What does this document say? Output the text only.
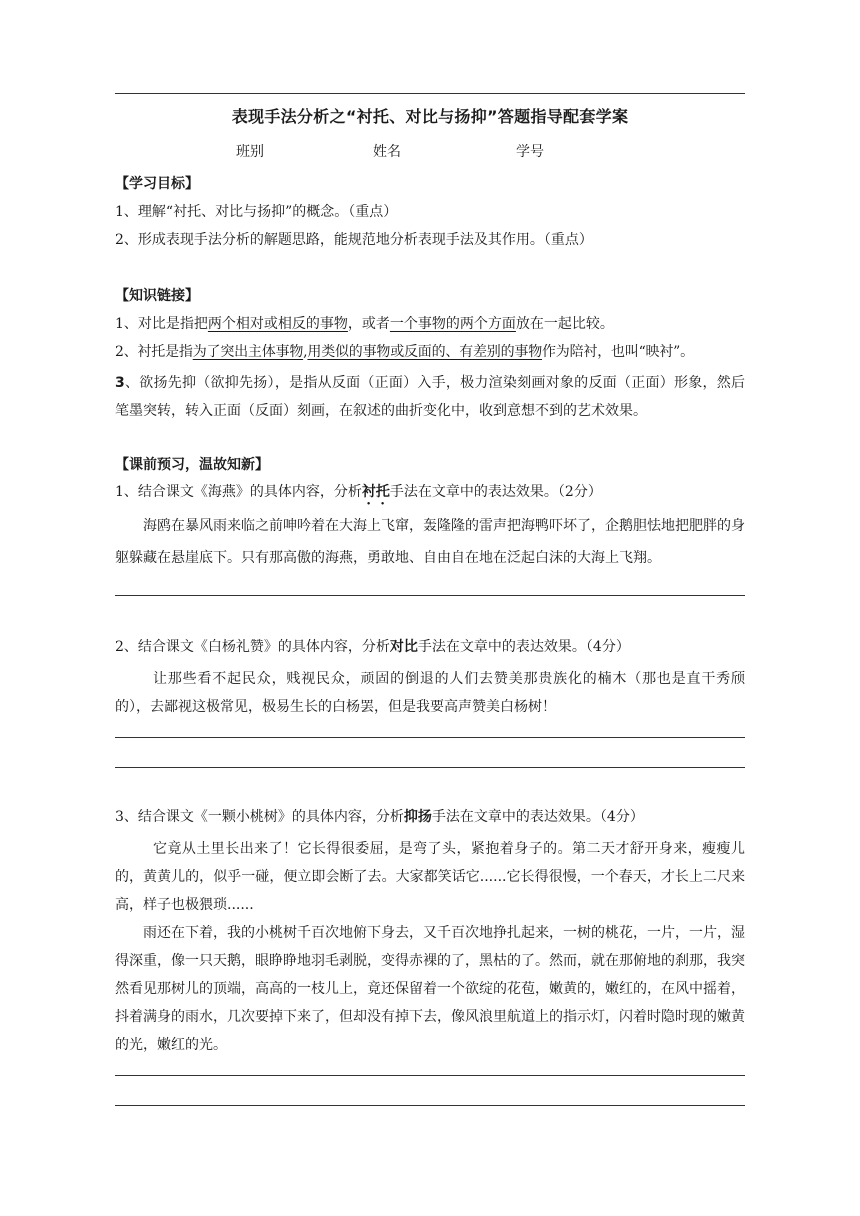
表现手法分析之“衬托、对比与扬抑”答题指导配套学案
班别	姓名	学号
【学习目标】
1、理解“衬托、对比与扬抑”的概念。（重点）
2、形成表现手法分析的解题思路，能规范地分析表现手法及其作用。（重点）
【知识链接】
1、对比是指把两个相对或相反的事物，或者一个事物的两个方面放在一起比较。
2、衬托是指为了突出主体事物,用类似的事物或反面的、有差别的事物作为陪衬，也叫“映衬”。
3、欲扬先抑（欲抑先扬），是指从反面（正面）入手，极力渲染刻画对象的反面（正面）形象，然后笔墨突转，转入正面（反面）刻画，在叙述的曲折变化中，收到意想不到的艺术效果。
【课前预习，温故知新】
1、结合课文《海燕》的具体内容，分析衬托手法在文章中的表达效果。（2分）
海鸥在暴风雨来临之前呻吟着在大海上飞窜，轰隆隆的雷声把海鸭吓坏了，企鹅胆怯地把肥胖的身躯躲藏在悬崖底下。只有那高傲的海燕，勇敢地、自由自在地在泛起白沫的大海上飞翔。
2、结合课文《白杨礼赞》的具体内容，分析对比手法在文章中的表达效果。（4分）
让那些看不起民众，贱视民众，顽固的倒退的人们去赞美那贵族化的楠木（那也是直干秀颀的），去鄙视这极常见，极易生长的白杨罢，但是我要高声赞美白杨树！
3、结合课文《一颗小桃树》的具体内容，分析抑扬手法在文章中的表达效果。（4分）
它竟从土里长出来了！它长得很委屈，是弯了头，紧抱着身子的。第二天才舒开身来，瘦瘦儿的，黄黄儿的，似乎一碰，便立即会断了去。大家都笑话它......它长得很慢，一个春天，才长上二尺来高，样子也极猥琐......
雨还在下着，我的小桃树千百次地俯下身去，又千百次地挣扎起来，一树的桃花，一片，一片，湿得深重，像一只天鹅，眼睁睁地羽毛剥脱，变得赤裸的了，黑枯的了。然而，就在那俯地的刹那，我突然看见那树儿的顶端，高高的一枝儿上，竟还保留着一个欲绽的花苞，嫩黄的，嫩红的，在风中摇着，抖着满身的雨水，几次要掉下来了，但却没有掉下去，像风浪里航道上的指示灯，闪着时隐时现的嫩黄的光，嫩红的光。
